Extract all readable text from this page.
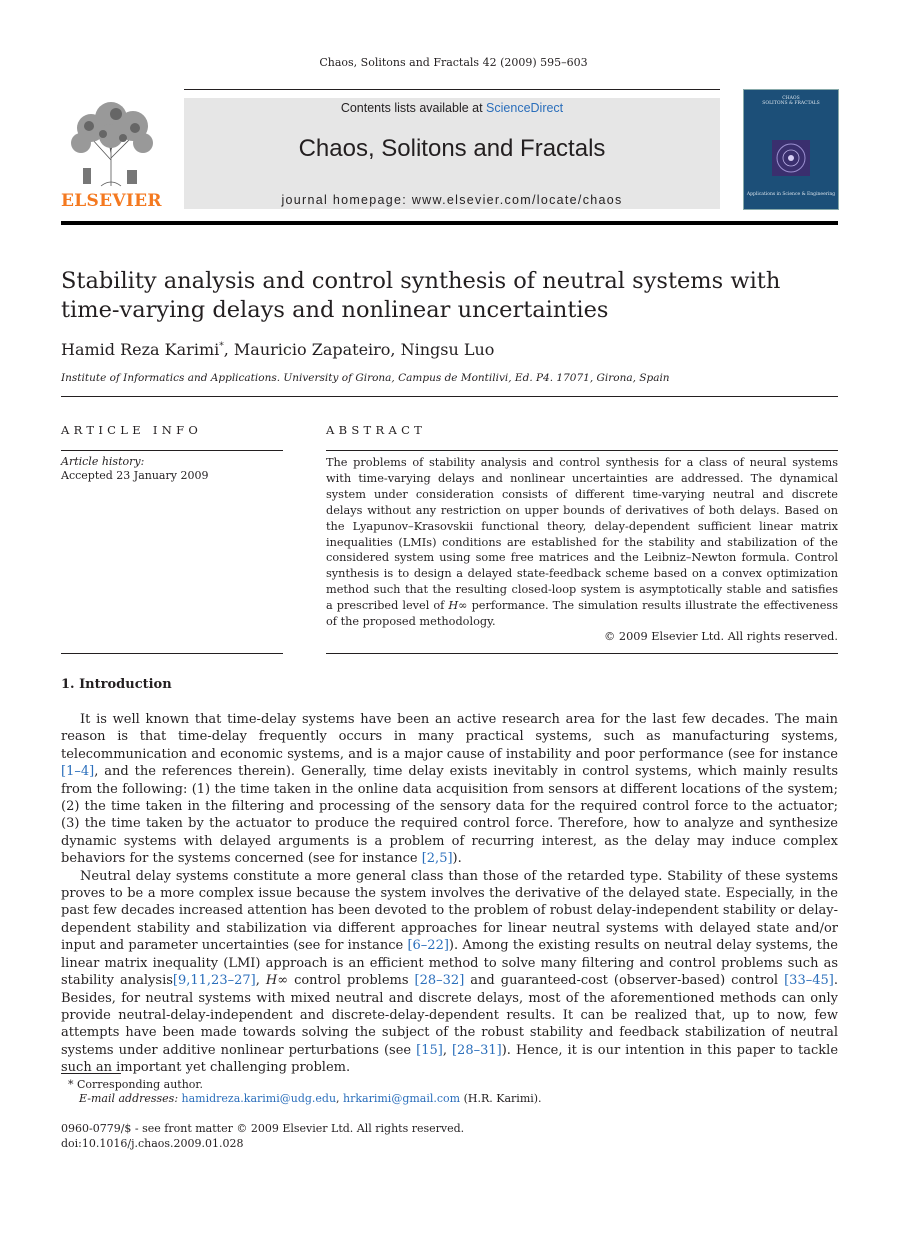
Chaos, Solitons and Fractals 42 (2009) 595–603
ELSEVIER
Contents lists available at ScienceDirect
Chaos, Solitons and Fractals
journal homepage: www.elsevier.com/locate/chaos
CHAOS
SOLITONS & FRACTALS
Applications in Science & Engineering
Stability analysis and control synthesis of neutral systems with time-varying delays and nonlinear uncertainties
Hamid Reza Karimi*, Mauricio Zapateiro, Ningsu Luo
Institute of Informatics and Applications. University of Girona, Campus de Montilivi, Ed. P4. 17071, Girona, Spain
ARTICLE INFO
Article history:
Accepted 23 January 2009
ABSTRACT
The problems of stability analysis and control synthesis for a class of neural systems with time-varying delays and nonlinear uncertainties are addressed. The dynamical system under consideration consists of different time-varying neutral and discrete delays without any restriction on upper bounds of derivatives of both delays. Based on the Lyapunov–Krasovskii functional theory, delay-dependent sufficient linear matrix inequalities (LMIs) conditions are established for the stability and stabilization of the considered system using some free matrices and the Leibniz–Newton formula. Control synthesis is to design a delayed state-feedback scheme based on a convex optimization method such that the resulting closed-loop system is asymptotically stable and satisfies a prescribed level of H∞ performance. The simulation results illustrate the effectiveness of the proposed methodology.
© 2009 Elsevier Ltd. All rights reserved.
1. Introduction

It is well known that time-delay systems have been an active research area for the last few decades. The main reason is that time-delay frequently occurs in many practical systems, such as manufacturing systems, telecommunication and economic systems, and is a major cause of instability and poor performance (see for instance [1–4], and the references therein). Generally, time delay exists inevitably in control systems, which mainly results from the following: (1) the time taken in the online data acquisition from sensors at different locations of the system; (2) the time taken in the filtering and processing of the sensory data for the required control force to the actuator; (3) the time taken by the actuator to produce the required control force. Therefore, how to analyze and synthesize dynamic systems with delayed arguments is a problem of recurring interest, as the delay may induce complex behaviors for the systems concerned (see for instance [2,5]).

Neutral delay systems constitute a more general class than those of the retarded type. Stability of these systems proves to be a more complex issue because the system involves the derivative of the delayed state. Especially, in the past few decades increased attention has been devoted to the problem of robust delay-independent stability or delay-dependent stability and stabilization via different approaches for linear neutral systems with delayed state and/or input and parameter uncertainties (see for instance [6–22]). Among the existing results on neutral delay systems, the linear matrix inequality (LMI) approach is an efficient method to solve many filtering and control problems such as stability analysis[9,11,23–27], H∞ control problems [28–32] and guaranteed-cost (observer-based) control [33–45]. Besides, for neutral systems with mixed neutral and discrete delays, most of the aforementioned methods can only provide neutral-delay-independent and discrete-delay-dependent results. It can be realized that, up to now, few attempts have been made towards solving the subject of the robust stability and feedback stabilization of neutral systems under additive nonlinear perturbations (see [15], [28–31]). Hence, it is our intention in this paper to tackle such an important yet challenging problem.

* Corresponding author.
E-mail addresses: hamidreza.karimi@udg.edu, hrkarimi@gmail.com (H.R. Karimi).
0960-0779/$ - see front matter © 2009 Elsevier Ltd. All rights reserved.
doi:10.1016/j.chaos.2009.01.028
